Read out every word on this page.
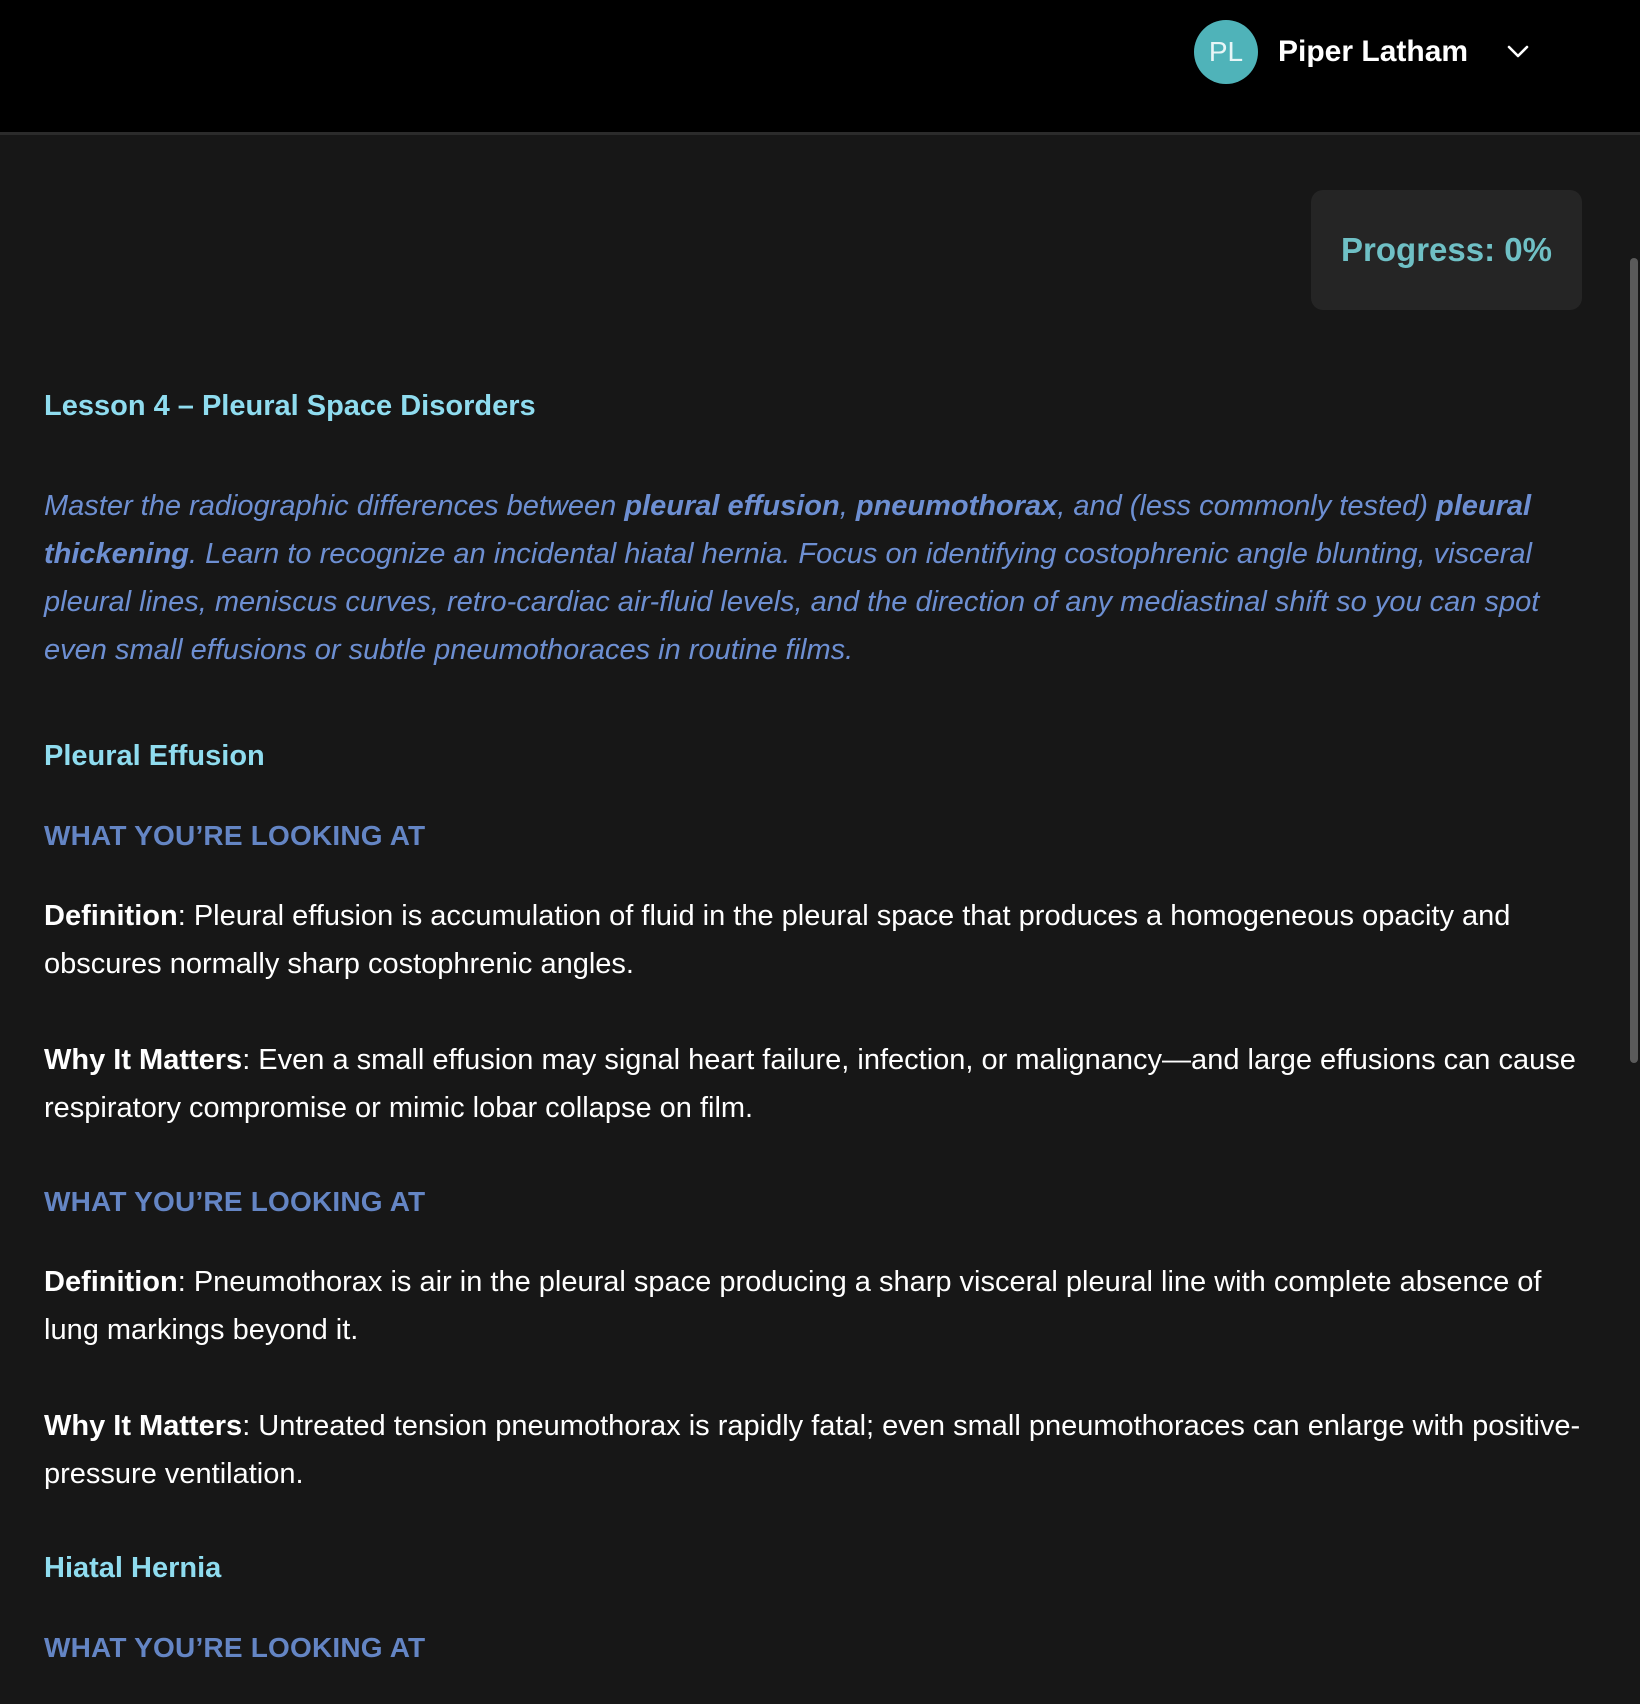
PL	Piper Latham
Progress: 0%
Lesson 4 – Pleural Space Disorders
Master the radiographic differences between pleural effusion, pneumothorax, and (less commonly tested) pleural thickening. Learn to recognize an incidental hiatal hernia. Focus on identifying costophrenic angle blunting, visceral pleural lines, meniscus curves, retro-cardiac air-fluid levels, and the direction of any mediastinal shift so you can spot even small effusions or subtle pneumothoraces in routine films.
Pleural Effusion
WHAT YOU’RE LOOKING AT
Definition: Pleural effusion is accumulation of fluid in the pleural space that produces a homogeneous opacity and obscures normally sharp costophrenic angles.
Why It Matters: Even a small effusion may signal heart failure, infection, or malignancy—and large effusions can cause respiratory compromise or mimic lobar collapse on film.
WHAT YOU’RE LOOKING AT
Definition: Pneumothorax is air in the pleural space producing a sharp visceral pleural line with complete absence of lung markings beyond it.
Why It Matters: Untreated tension pneumothorax is rapidly fatal; even small pneumothoraces can enlarge with positive-pressure ventilation.
Hiatal Hernia
WHAT YOU’RE LOOKING AT
